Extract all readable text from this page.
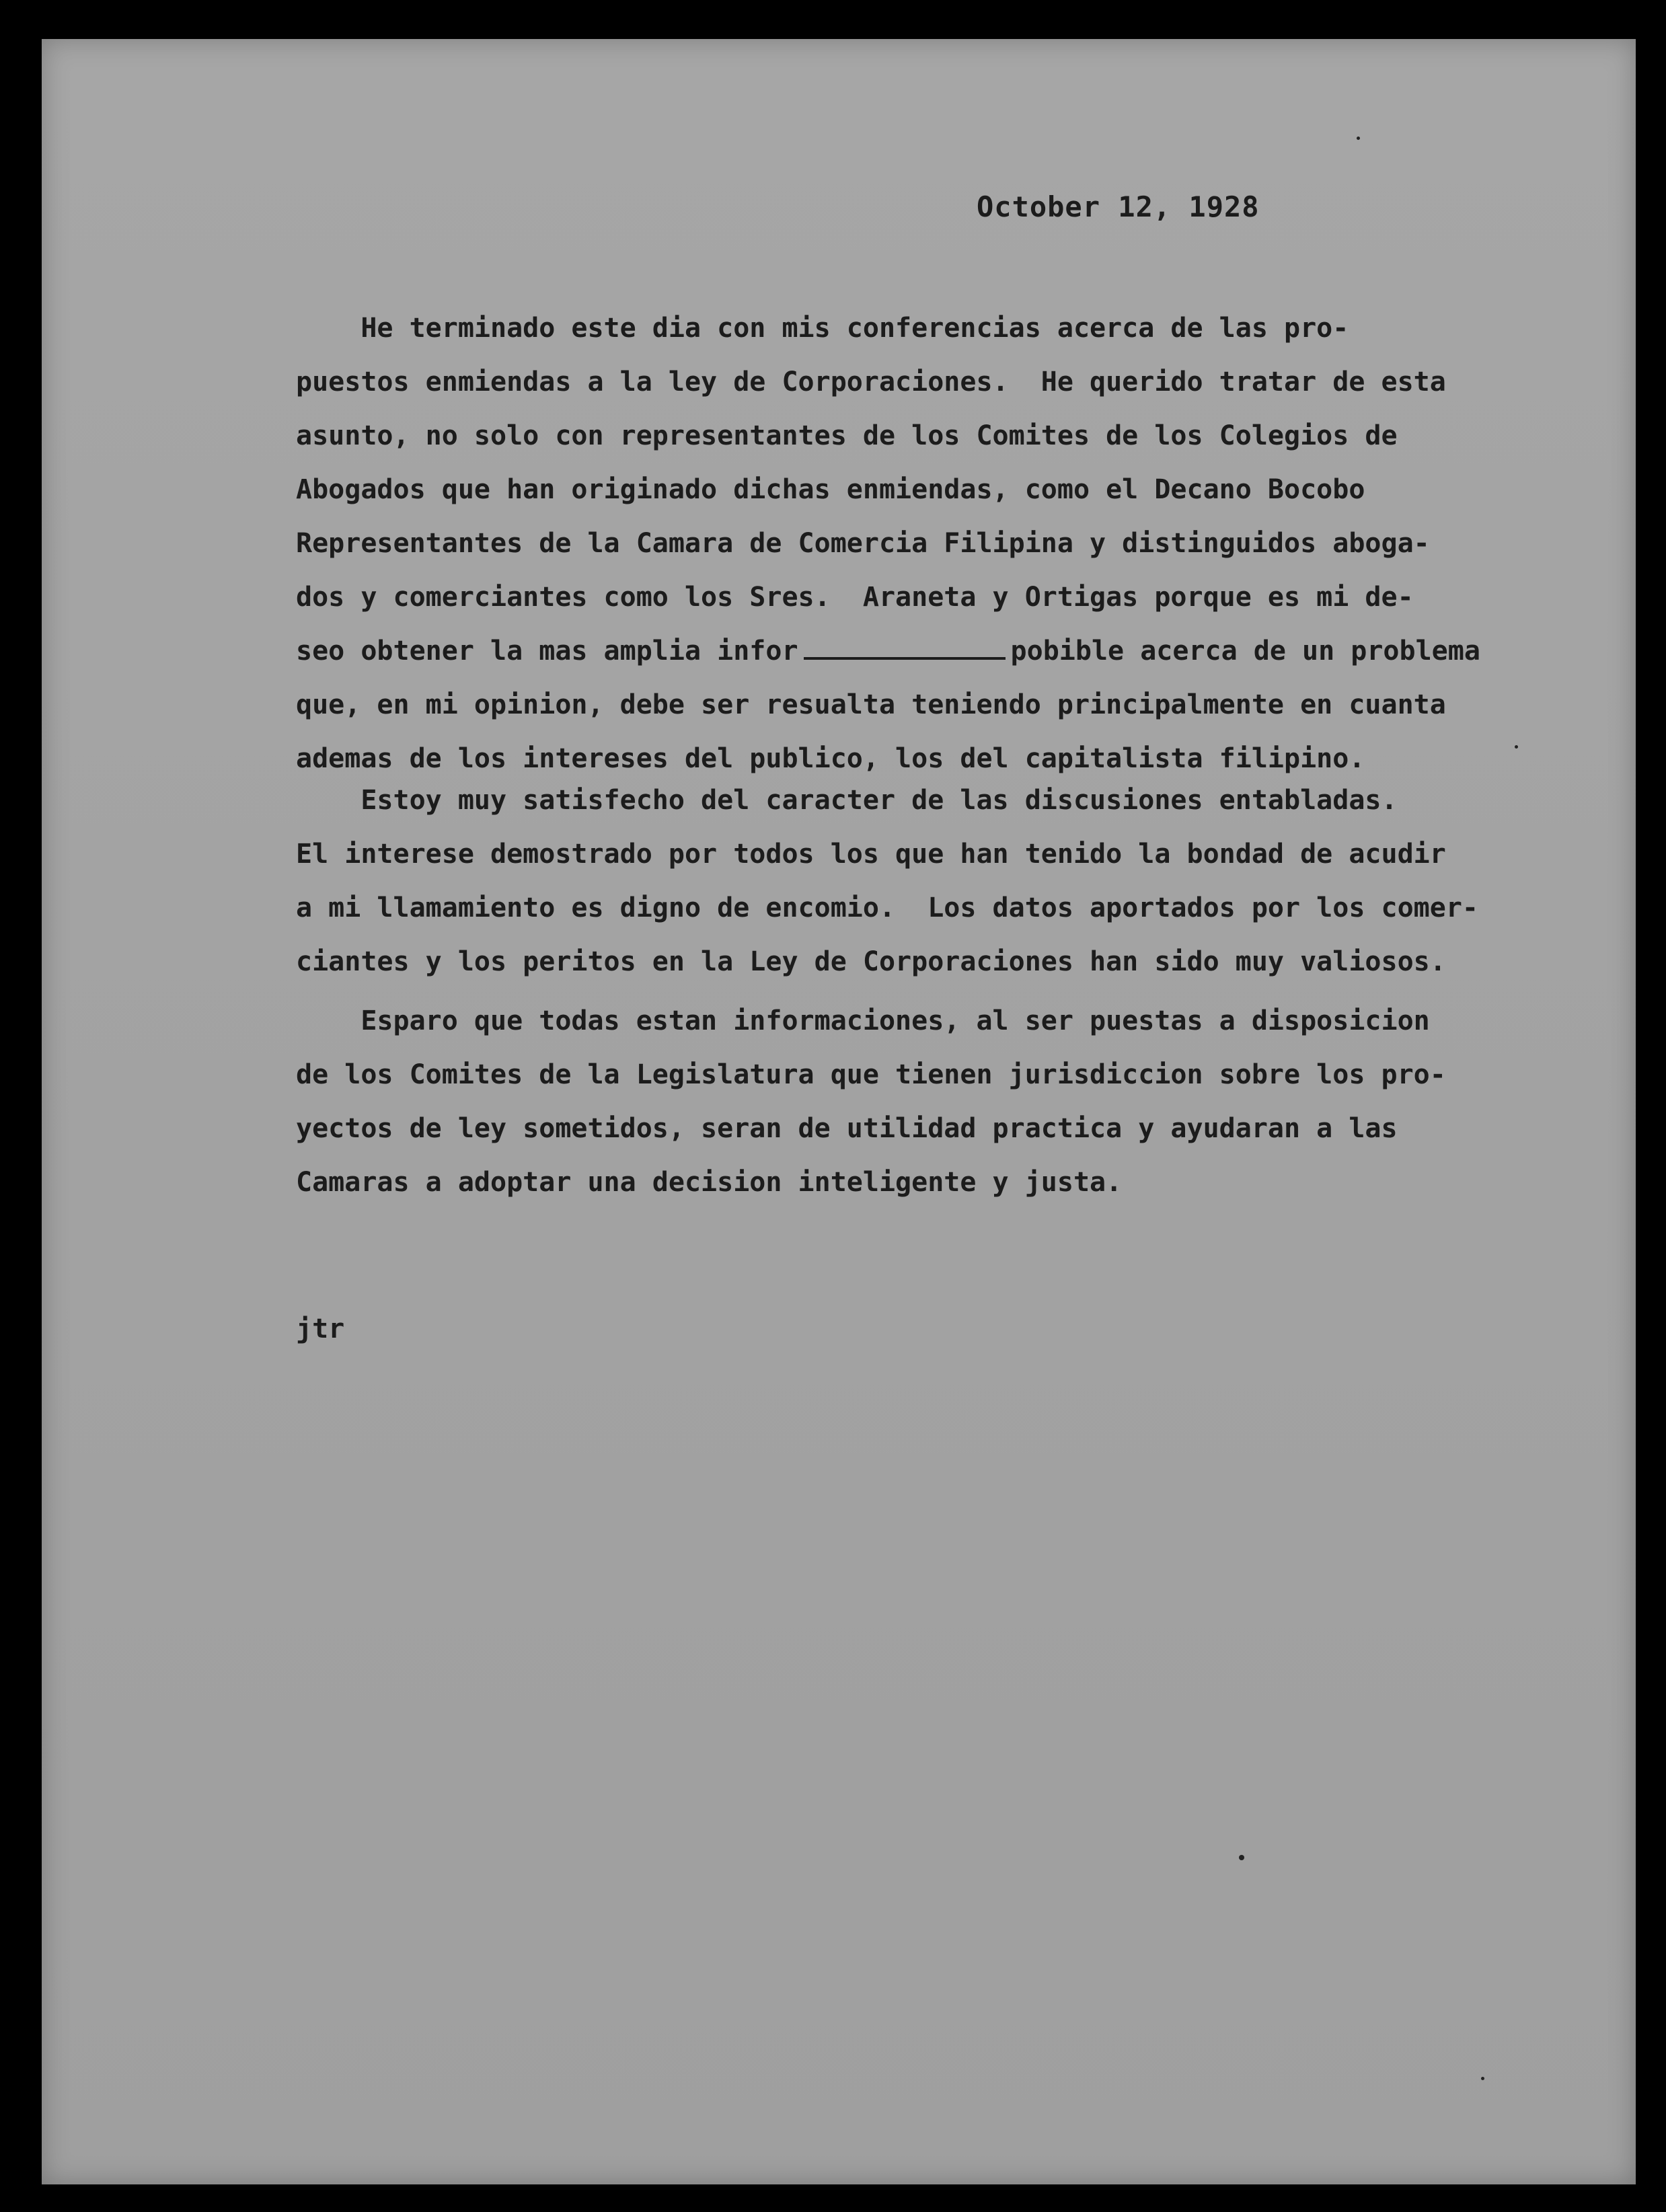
October 12, 1928
He terminado este dia con mis conferencias acerca de las pro-
puestos enmiendas a la ley de Corporaciones.  He querido tratar de esta
asunto, no solo con representantes de los Comites de los Colegios de
Abogados que han originado dichas enmiendas, como el Decano Bocobo
Representantes de la Camara de Comercia Filipina y distinguidos aboga-
dos y comerciantes como los Sres.  Araneta y Ortigas porque es mi de-
seo obtener la mas amplia infor	pobible acerca de un problema
que, en mi opinion, debe ser resualta teniendo principalmente en cuanta
ademas de los intereses del publico, los del capitalista filipino.
Estoy muy satisfecho del caracter de las discusiones entabladas.
El interese demostrado por todos los que han tenido la bondad de acudir
a mi llamamiento es digno de encomio.  Los datos aportados por los comer-
ciantes y los peritos en la Ley de Corporaciones han sido muy valiosos.
Esparo que todas estan informaciones, al ser puestas a disposicion
de los Comites de la Legislatura que tienen jurisdiccion sobre los pro-
yectos de ley sometidos, seran de utilidad practica y ayudaran a las
Camaras a adoptar una decision inteligente y justa.
jtr
